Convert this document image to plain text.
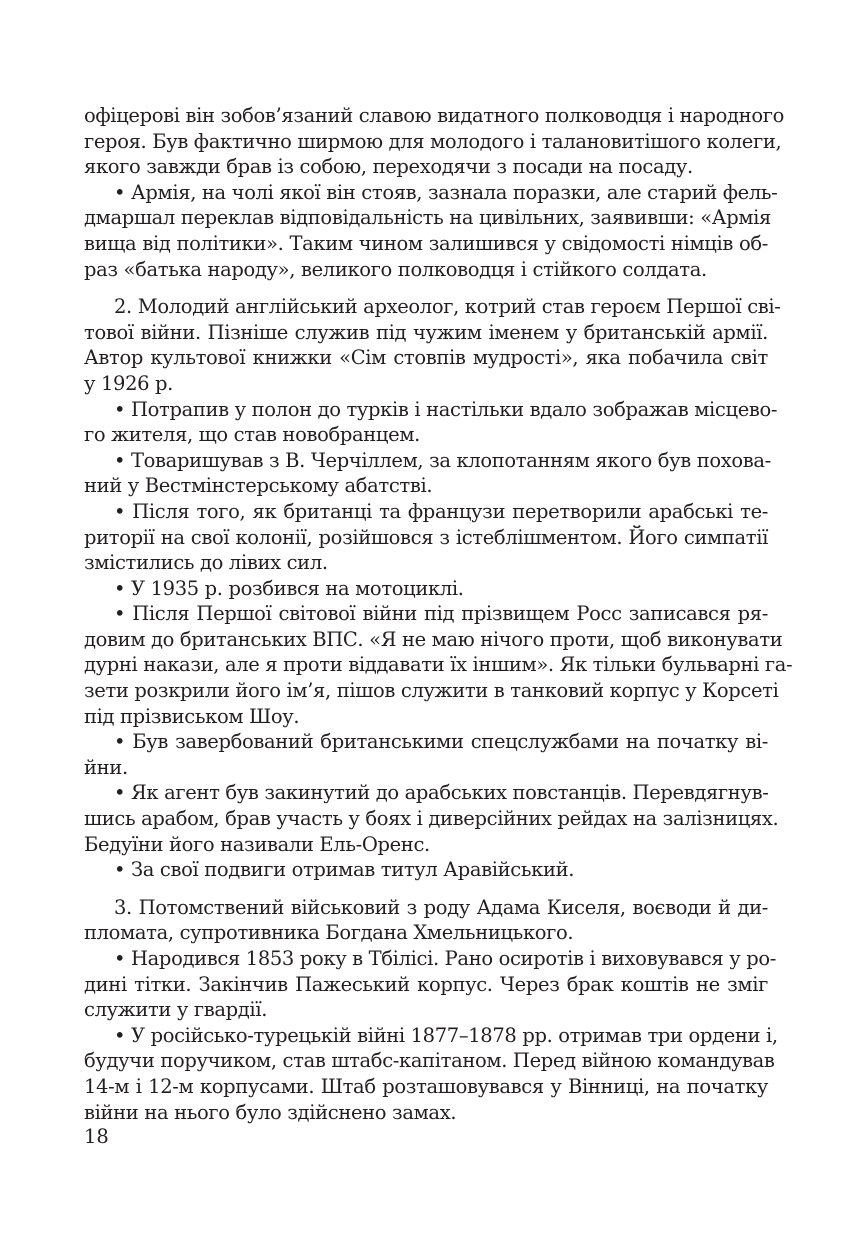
офіцерові він зобов’язаний славою видатного полководця і народного
героя. Був фактично ширмою для молодого і талановитішого колеги,
якого завжди брав із собою, переходячи з посади на посаду.
• Армія, на чолі якої він стояв, зазнала поразки, але старий фель-
дмаршал переклав відповідальність на цивільних, заявивши: «Армія
вища від політики». Таким чином залишився у свідомості німців об-
раз «батька народу», великого полководця і стійкого солдата.
2. Молодий англійський археолог, котрий став героєм Першої сві-
тової війни. Пізніше служив під чужим іменем у британській армії.
Автор культової книжки «Сім стовпів мудрості», яка побачила світ
у 1926 р.
• Потрапив у полон до турків і настільки вдало зображав місцево-
го жителя, що став новобранцем.
• Товаришував з В. Черчіллем, за клопотанням якого був похова-
ний у Вестмінстерському абатстві.
• Після того, як британці та французи перетворили арабські те-
риторії на свої колонії, розійшовся з істеблішментом. Його симпатії
змістились до лівих сил.
• У 1935 р. розбився на мотоциклі.
• Після Першої світової війни під прізвищем Росс записався ря-
довим до британських ВПС. «Я не маю нічого проти, щоб виконувати
дурні накази, але я проти віддавати їх іншим». Як тільки бульварні га-
зети розкрили його ім’я, пішов служити в танковий корпус у Корсеті
під прізвиськом Шоу.
• Був завербований британськими спецслужбами на початку ві-
йни.
• Як агент був закинутий до арабських повстанців. Перевдягнув-
шись арабом, брав участь у боях і диверсійних рейдах на залізницях.
Бедуїни його називали Ель-Оренс.
• За свої подвиги отримав титул Аравійський.
3. Потомствений військовий з роду Адама Киселя, воєводи й ди-
пломата, супротивника Богдана Хмельницького.
• Народився 1853 року в Тбілісі. Рано осиротів і виховувався у ро-
дині тітки. Закінчив Пажеський корпус. Через брак коштів не зміг
служити у гвардії.
• У російсько-турецькій війні 1877–1878 рр. отримав три ордени і,
будучи поручиком, став штабс-капітаном. Перед війною командував
14-м і 12-м корпусами. Штаб розташовувався у Вінниці, на початку
війни на нього було здійснено замах.
18
